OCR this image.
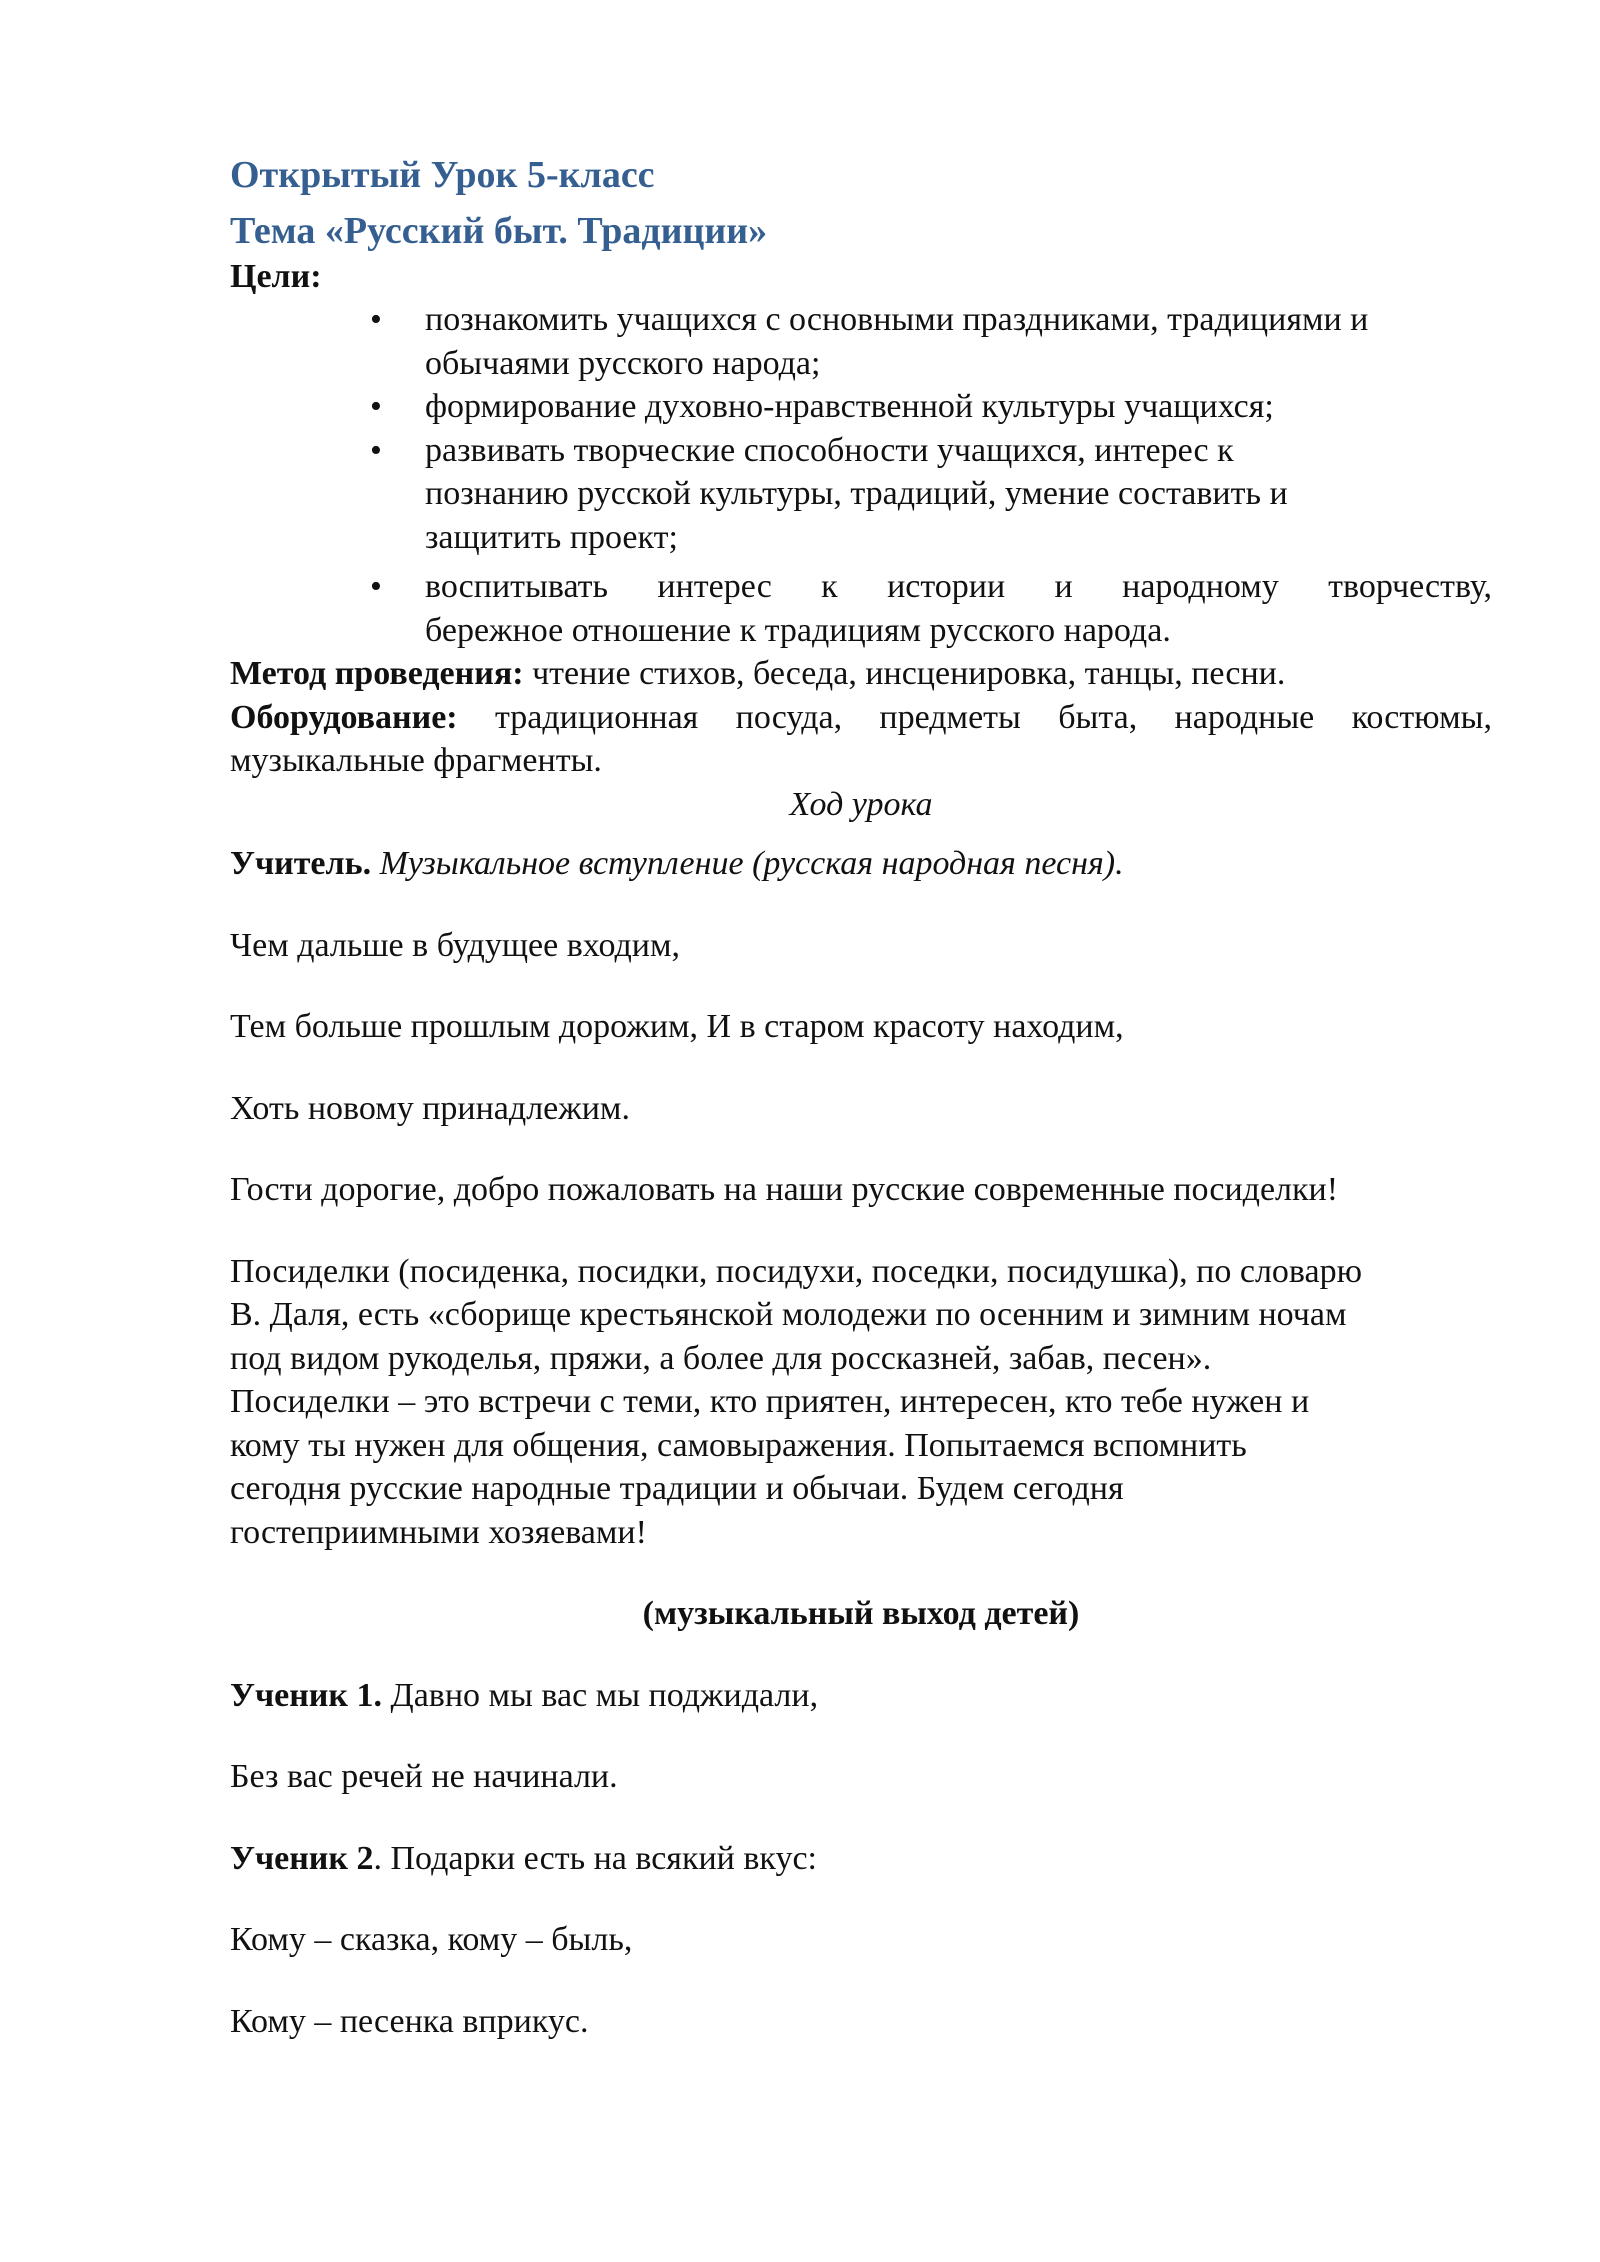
Открытый Урок 5-класс
Тема «Русский быт. Традиции»

Цели:

• познакомить учащихся с основными праздниками, традициями и
обычаями русского народа;
• формирование духовно-нравственной культуры учащихся;
• развивать творческие способности учащихся, интерес к
познанию русской культуры, традиций, умение составить и
защитить проект;
• воспитывать интерес к истории и народному творчеству,
бережное отношение к традициям русского народа.

Метод проведения: чтение стихов, беседа, инсценировка, танцы, песни.

Оборудование: традиционная посуда, предметы быта, народные костюмы,

музыкальные фрагменты.

Ход урока

Учитель. Музыкальное вступление (русская народная песня).

Чем дальше в будущее входим,

Тем больше прошлым дорожим, И в старом красоту находим,

Хоть новому принадлежим.

Гости дорогие, добро пожаловать на наши русские современные посиделки!

Посиделки (посиденка, посидки, посидухи, поседки, посидушка), по словарю

В. Даля, есть «сборище крестьянской молодежи по осенним и зимним ночам

под видом рукоделья, пряжи, а более для россказней, забав, песен».

Посиделки – это встречи с теми, кто приятен, интересен, кто тебе нужен и

кому ты нужен для общения, самовыражения. Попытаемся вспомнить

сегодня русские народные традиции и обычаи. Будем сегодня

гостеприимными хозяевами!

(музыкальный выход детей)

Ученик 1. Давно мы вас мы поджидали,

Без вас речей не начинали.

Ученик 2. Подарки есть на всякий вкус:

Кому – сказка, кому – быль,

Кому – песенка вприкус.
